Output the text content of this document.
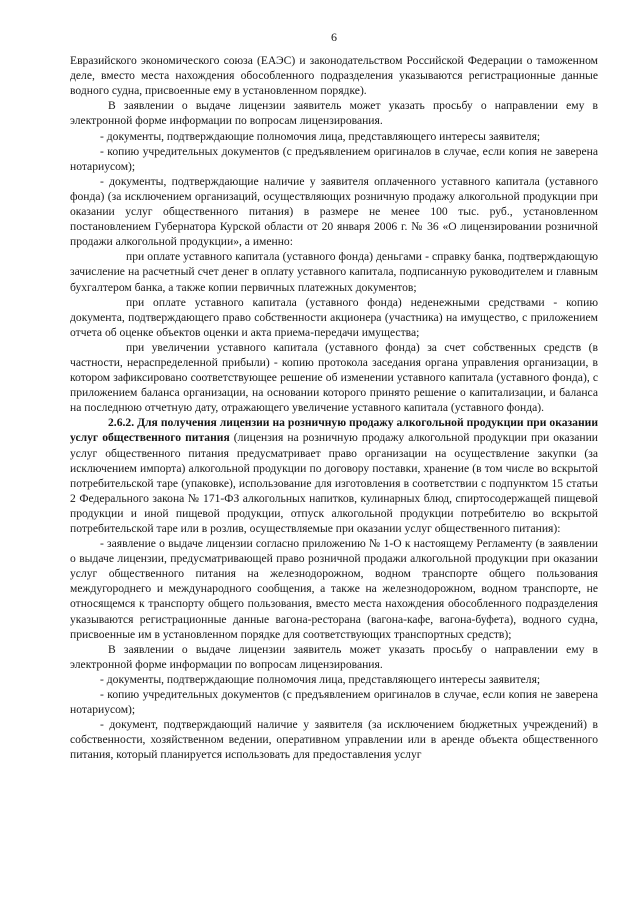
6

Евразийского экономического союза (ЕАЭС) и законодательством Российской Федерации о таможенном деле, вместо места нахождения обособленного подразделения указываются регистрационные данные водного судна, присвоенные ему в установленном порядке).

В заявлении о выдаче лицензии заявитель может указать просьбу о направлении ему в электронной форме информации по вопросам лицензирования.

- документы, подтверждающие полномочия лица, представляющего интересы заявителя;

- копию учредительных документов (с предъявлением оригиналов в случае, если копия не заверена нотариусом);

- документы, подтверждающие наличие у заявителя оплаченного уставного капитала (уставного фонда) (за исключением организаций, осуществляющих розничную продажу алкогольной продукции при оказании услуг общественного питания) в размере не менее 100 тыс. руб., установленном постановлением Губернатора Курской области от 20 января 2006 г. № 36 «О лицензировании розничной продажи алкогольной продукции», а именно:

при оплате уставного капитала (уставного фонда) деньгами - справку банка, подтверждающую зачисление на расчетный счет денег в оплату уставного капитала, подписанную руководителем и главным бухгалтером банка, а также копии первичных платежных документов;

при оплате уставного капитала (уставного фонда) неденежными средствами - копию документа, подтверждающего право собственности акционера (участника) на имущество, с приложением отчета об оценке объектов оценки и акта приема-передачи имущества;

при увеличении уставного капитала (уставного фонда) за счет собственных средств (в частности, нераспределенной прибыли) - копию протокола заседания органа управления организации, в котором зафиксировано соответствующее решение об изменении уставного капитала (уставного фонда), с приложением баланса организации, на основании которого принято решение о капитализации, и баланса на последнюю отчетную дату, отражающего увеличение уставного капитала (уставного фонда).

2.6.2. Для получения лицензии на розничную продажу алкогольной продукции при оказании услуг общественного питания (лицензия на розничную продажу алкогольной продукции при оказании услуг общественного питания предусматривает право организации на осуществление закупки (за исключением импорта) алкогольной продукции по договору поставки, хранение (в том числе во вскрытой потребительской таре (упаковке), использование для изготовления в соответствии с подпунктом 15 статьи 2 Федерального закона № 171-ФЗ алкогольных напитков, кулинарных блюд, спиртосодержащей пищевой продукции и иной пищевой продукции, отпуск алкогольной продукции потребителю во вскрытой потребительской таре или в розлив, осуществляемые при оказании услуг общественного питания):

- заявление о выдаче лицензии согласно приложению № 1-О к настоящему Регламенту (в заявлении о выдаче лицензии, предусматривающей право розничной продажи алкогольной продукции при оказании услуг общественного питания на железнодорожном, водном транспорте общего пользования междугороднего и международного сообщения, а также на железнодорожном, водном транспорте, не относящемся к транспорту общего пользования, вместо места нахождения обособленного подразделения указываются регистрационные данные вагона-ресторана (вагона-кафе, вагона-буфета), водного судна, присвоенные им в установленном порядке для соответствующих транспортных средств);

В заявлении о выдаче лицензии заявитель может указать просьбу о направлении ему в электронной форме информации по вопросам лицензирования.

- документы, подтверждающие полномочия лица, представляющего интересы заявителя;

- копию учредительных документов (с предъявлением оригиналов в случае, если копия не заверена нотариусом);

- документ, подтверждающий наличие у заявителя (за исключением бюджетных учреждений) в собственности, хозяйственном ведении, оперативном управлении или в аренде объекта общественного питания, который планируется использовать для предоставления услуг
